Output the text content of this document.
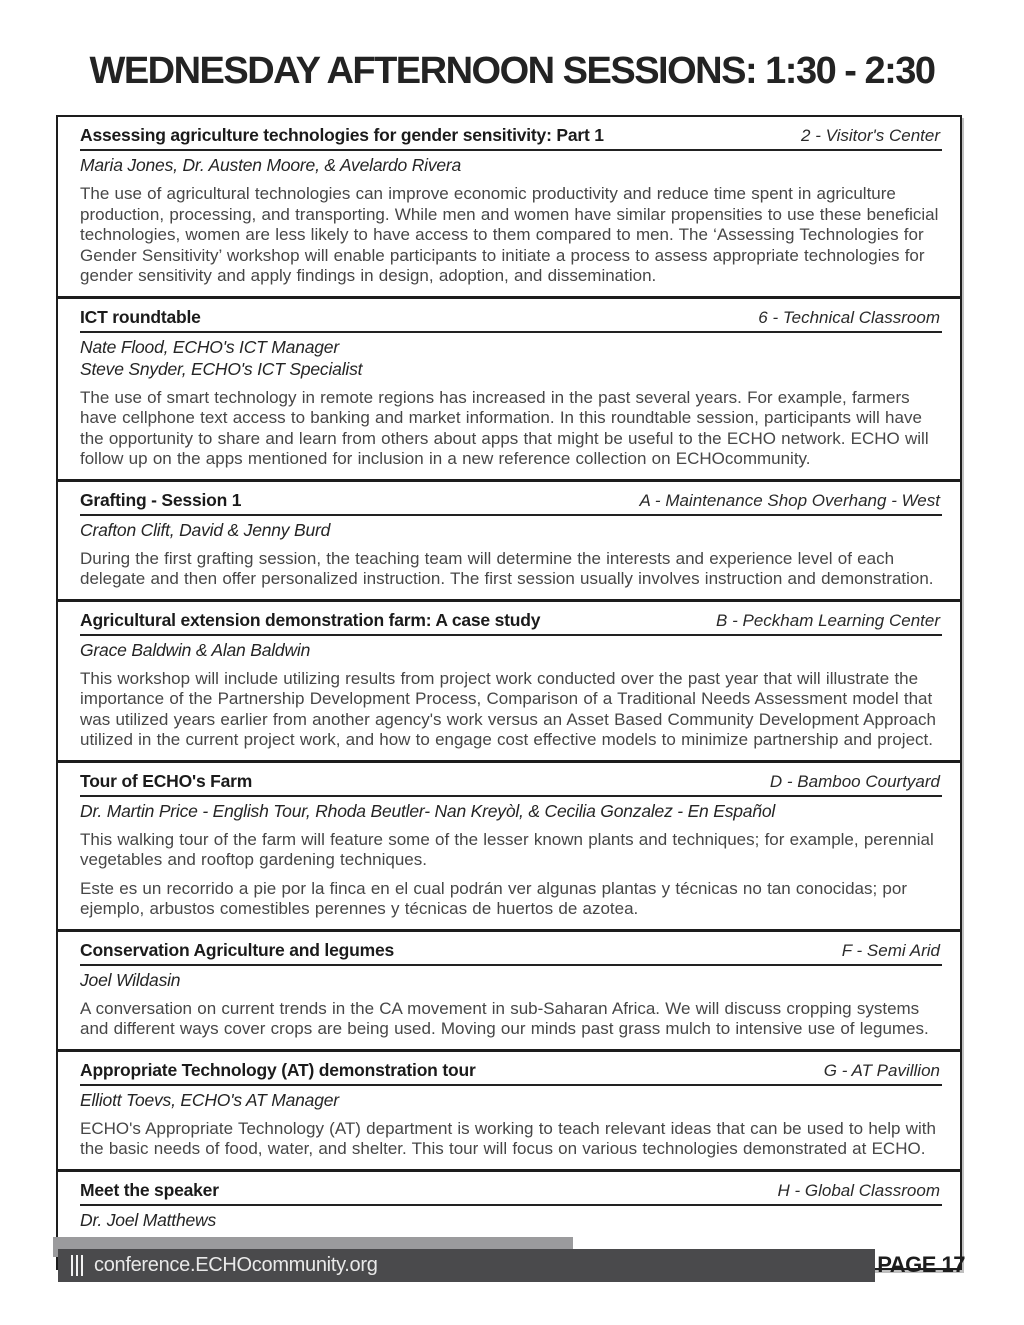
WEDNESDAY AFTERNOON SESSIONS: 1:30 - 2:30
Assessing agriculture technologies for gender sensitivity: Part 1	2 - Visitor's Center
Maria Jones, Dr. Austen Moore, & Avelardo Rivera

The use of agricultural technologies can improve economic productivity and reduce time spent in agriculture production, processing, and transporting. While men and women have similar propensities to use these beneficial technologies, women are less likely to have access to them compared to men. The ‘Assessing Technologies for Gender Sensitivity’ workshop will enable participants to initiate a process to assess appropriate technologies for gender sensitivity and apply findings in design, adoption, and dissemination.

ICT roundtable	6 - Technical Classroom
Nate Flood, ECHO's ICT Manager
Steve Snyder, ECHO's ICT Specialist

The use of smart technology in remote regions has increased in the past several years. For example, farmers have cellphone text access to banking and market information. In this roundtable session, participants will have the opportunity to share and learn from others about apps that might be useful to the ECHO network. ECHO will follow up on the apps mentioned for inclusion in a new reference collection on ECHOcommunity.

Grafting - Session 1	A - Maintenance Shop Overhang - West
Crafton Clift, David & Jenny Burd

During the first grafting session, the teaching team will determine the interests and experience level of each delegate and then offer personalized instruction. The first session usually involves instruction and demonstration.

Agricultural extension demonstration farm: A case study	B - Peckham Learning Center
Grace Baldwin & Alan Baldwin

This workshop will include utilizing results from project work conducted over the past year that will illustrate the importance of the Partnership Development Process, Comparison of a Traditional Needs Assessment model that was utilized years earlier from another agency's work versus an Asset Based Community Development Approach utilized in the current project work, and how to engage cost effective models to minimize partnership and project.

Tour of ECHO's Farm	D - Bamboo Courtyard
Dr. Martin Price - English Tour, Rhoda Beutler- Nan Kreyòl, & Cecilia Gonzalez - En Español

This walking tour of the farm will feature some of the lesser known plants and techniques; for example, perennial vegetables and rooftop gardening techniques.

Este es un recorrido a pie por la finca en el cual podrán ver algunas plantas y técnicas no tan conocidas; por ejemplo, arbustos comestibles perennes y técnicas de huertos de azotea.

Conservation Agriculture and legumes	F - Semi Arid
Joel Wildasin

A conversation on current trends in the CA movement in sub-Saharan Africa. We will discuss cropping systems and different ways cover crops are being used. Moving our minds past grass mulch to intensive use of legumes.

Appropriate Technology (AT) demonstration tour	G - AT Pavillion
Elliott Toevs, ECHO's AT Manager

ECHO's Appropriate Technology (AT) department is working to teach relevant ideas that can be used to help with the basic needs of food, water, and shelter. This tour will focus on various technologies demonstrated at ECHO.

Meet the speaker	H - Global Classroom
Dr. Joel Matthews
conference.ECHOcommunity.org	PAGE 17
